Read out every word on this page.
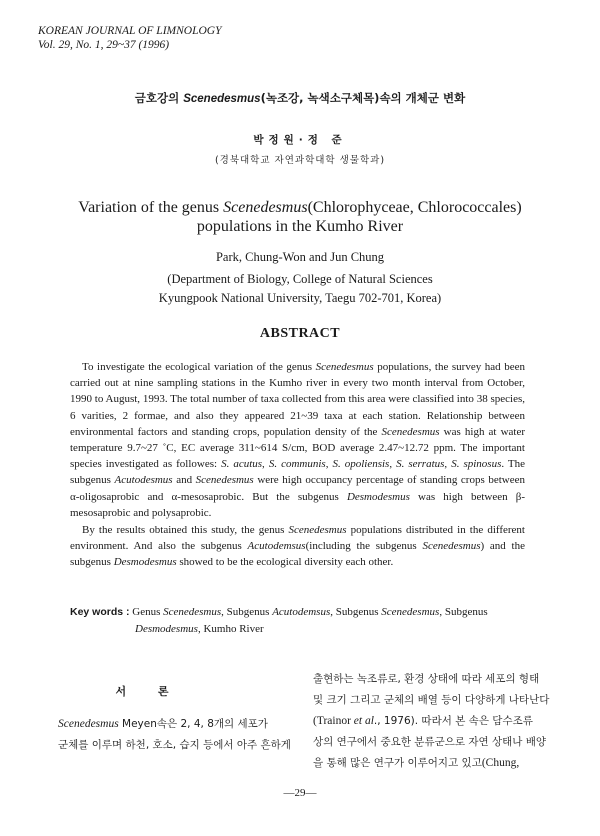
KOREAN JOURNAL OF LIMNOLOGY
Vol. 29, No. 1, 29~37 (1996)
금호강의 Scenedesmus(녹조강, 녹색소구체목)속의 개체군 변화
박정원·정 준
(경북대학교 자연과학대학 생물학과)
Variation of the genus Scenedesmus(Chlorophyceae, Chlorococcales)
populations in the Kumho River
Park, Chung-Won and Jun Chung
(Department of Biology, College of Natural Sciences
Kyungpook National University, Taegu 702-701, Korea)
ABSTRACT

To investigate the ecological variation of the genus Scenedesmus populations, the survey had been carried out at nine sampling stations in the Kumho river in every two month interval from October, 1990 to August, 1993. The total number of taxa collected from this area were classified into 38 species, 6 varities, 2 formae, and also they appeared 21~39 taxa at each station. Relationship between environmental factors and standing crops, population density of the Scenedesmus was high at water temperature 9.7~27 ˚C, EC average 311~614 S/cm, BOD average 2.47~12.72 ppm. The important species investigated as followes: S. acutus, S. communis, S. opoliensis, S. serratus, S. spinosus. The subgenus Acutodesmus and Scenedesmus were high occupancy percentage of standing crops between α-oligosaprobic and α-mesosaprobic. But the subgenus Desmodesmus was high between β-mesosaprobic and polysaprobic.

By the results obtained this study, the genus Scenedesmus populations distributed in the different environment. And also the subgenus Acutodemsus(including the subgenus Scenedesmus) and the subgenus Desmodesmus showed to be the ecological diversity each other.

Key words : Genus Scenedesmus, Subgenus Acutodemsus, Subgenus Scenedesmus, Subgenus
Desmodesmus, Kumho River
서 론
Scenedesmus Meyen속은 2, 4, 8개의 세포가
군체를 이루며 하천, 호소, 습지 등에서 아주 흔하게
출현하는 녹조류로, 환경 상태에 따라 세포의 형태
및 크기 그리고 군체의 배열 등이 다양하게 나타난다
(Trainor et al., 1976). 따라서 본 속은 담수조류
상의 연구에서 중요한 분류군으로 자연 상태나 배양
을 통해 많은 연구가 이루어지고 있고(Chung,
—29—
